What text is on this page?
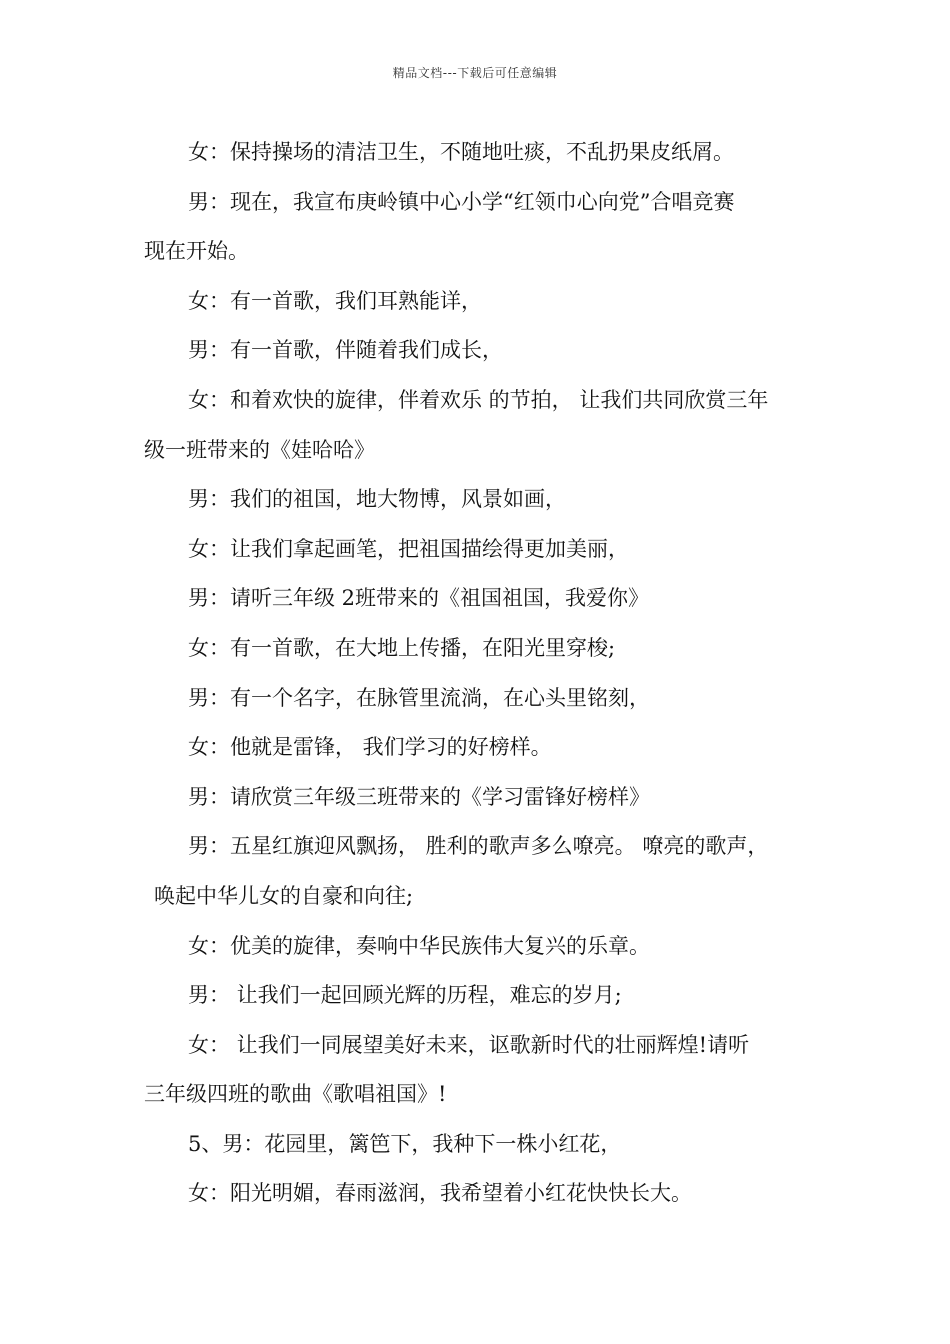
精品文档---下载后可任意编辑
女：保持操场的清洁卫生，不随地吐痰，不乱扔果皮纸屑。
男：现在，我宣布庚岭镇中心小学“红领巾心向党”合唱竞赛
现在开始。
女：有一首歌，我们耳熟能详，
男：有一首歌，伴随着我们成长，
女：和着欢快的旋律，伴着欢乐 的节拍， 让我们共同欣赏三年
级一班带来的《娃哈哈》
男：我们的祖国，地大物博，风景如画，
女：让我们拿起画笔，把祖国描绘得更加美丽，
男：请听三年级 2班带来的《祖国祖国，我爱你》
女：有一首歌，在大地上传播，在阳光里穿梭;
男：有一个名字，在脉管里流淌，在心头里铭刻，
女：他就是雷锋， 我们学习的好榜样。
男：请欣赏三年级三班带来的《学习雷锋好榜样》
男：五星红旗迎风飘扬， 胜利的歌声多么嘹亮。 嘹亮的歌声，
唤起中华儿女的自豪和向往;
女：优美的旋律，奏响中华民族伟大复兴的乐章。
男： 让我们一起回顾光辉的历程，难忘的岁月;
女： 让我们一同展望美好未来，讴歌新时代的壮丽辉煌!请听
三年级四班的歌曲《歌唱祖国》!
5、男：花园里，篱笆下，我种下一株小红花，
女：阳光明媚，春雨滋润，我希望着小红花快快长大。
